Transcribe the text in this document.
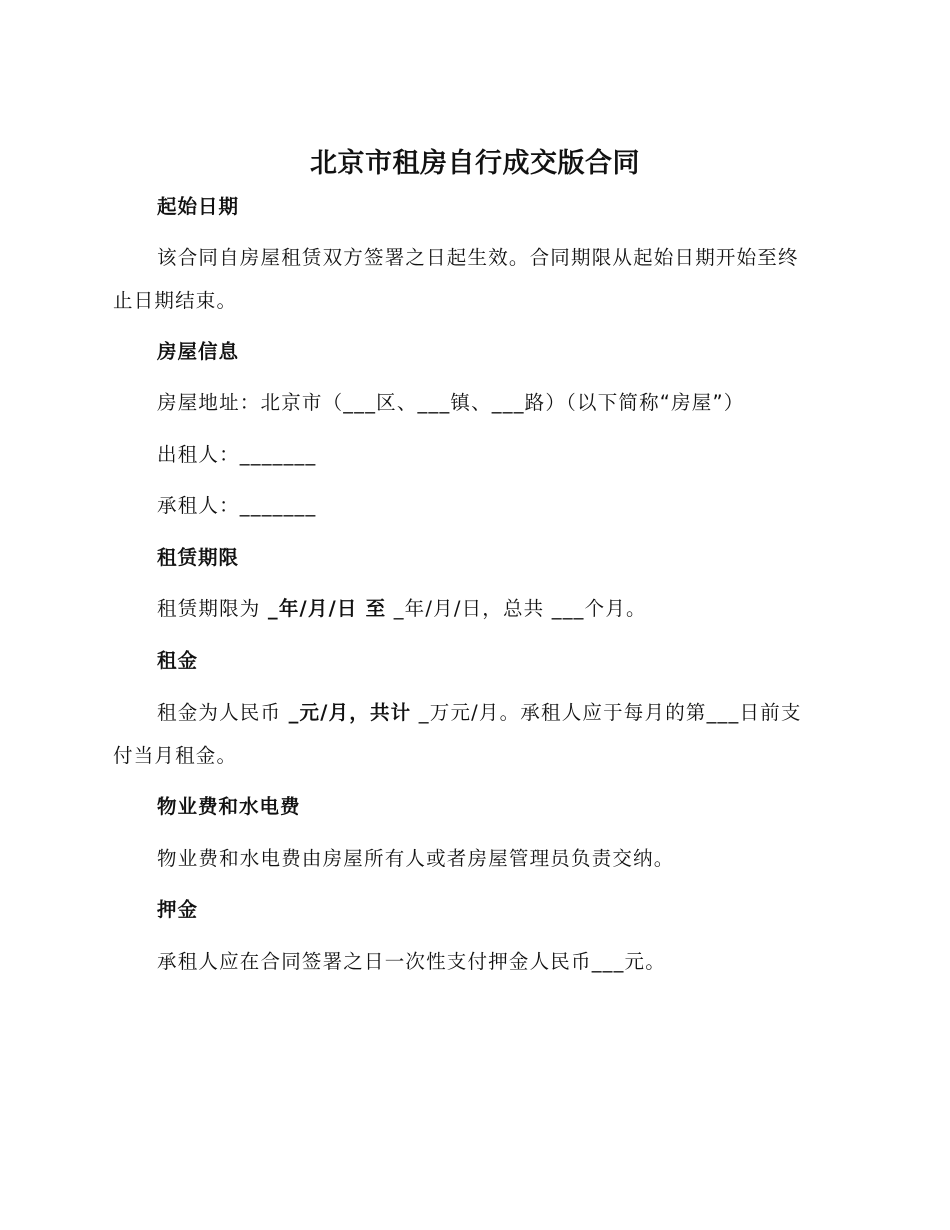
北京市租房自行成交版合同
起始日期
该合同自房屋租赁双方签署之日起生效。合同期限从起始日期开始至终
止日期结束。
房屋信息
房屋地址：北京市（___区、___镇、___路）（以下简称“房屋”）
出租人：_______
承租人：_______
租赁期限
租赁期限为 _年/月/日 至 _年/月/日，总共 ___个月。
租金
租金为人民币 _元/月，共计 _万元/月。承租人应于每月的第___日前支
付当月租金。
物业费和水电费
物业费和水电费由房屋所有人或者房屋管理员负责交纳。
押金
承租人应在合同签署之日一次性支付押金人民币___元。
